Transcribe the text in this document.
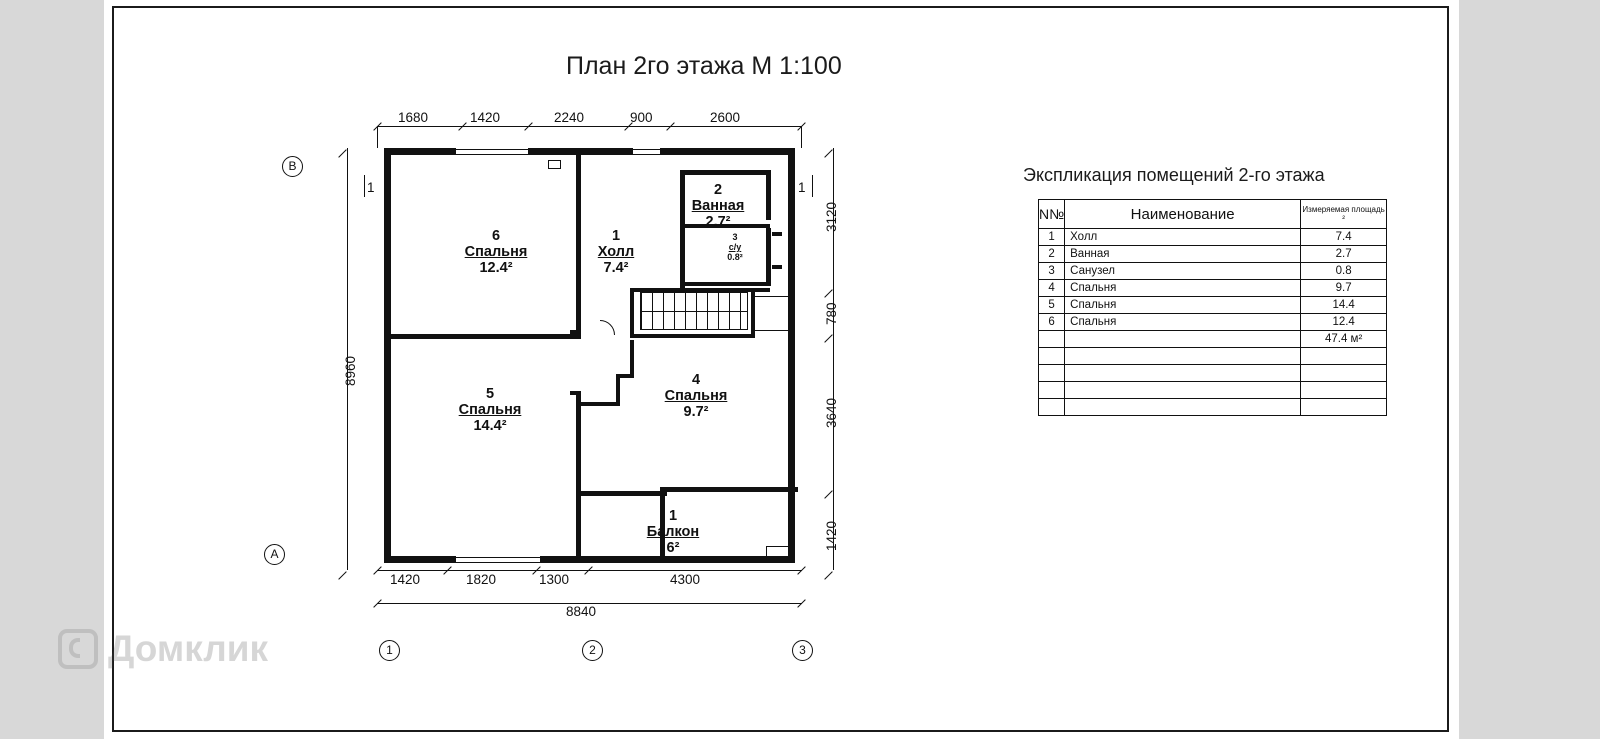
План 2го этажа М 1:100
Экспликация помещений 2-го этажа
1680	1420	2240	900	2600
1420	1820	1300	4300
8840
8960
3120
780
3640
1420
1	1
В
А
1	2	3
6
Спальня
12.4²
1
Холл
7.4²
2
Ванная
2.7²
3
с/у
0.8²
4
Спальня
9.7²
5
Спальня
14.4²
1
Балкон
6²
N№	Наименование	Измеряемая площадь ²
1	Холл	7.4
2	Ванная	2.7
3	Санузел	0.8
4	Спальня	9.7
5	Спальня	14.4
6	Спальня	12.4
		47.4 м²

Домклик
